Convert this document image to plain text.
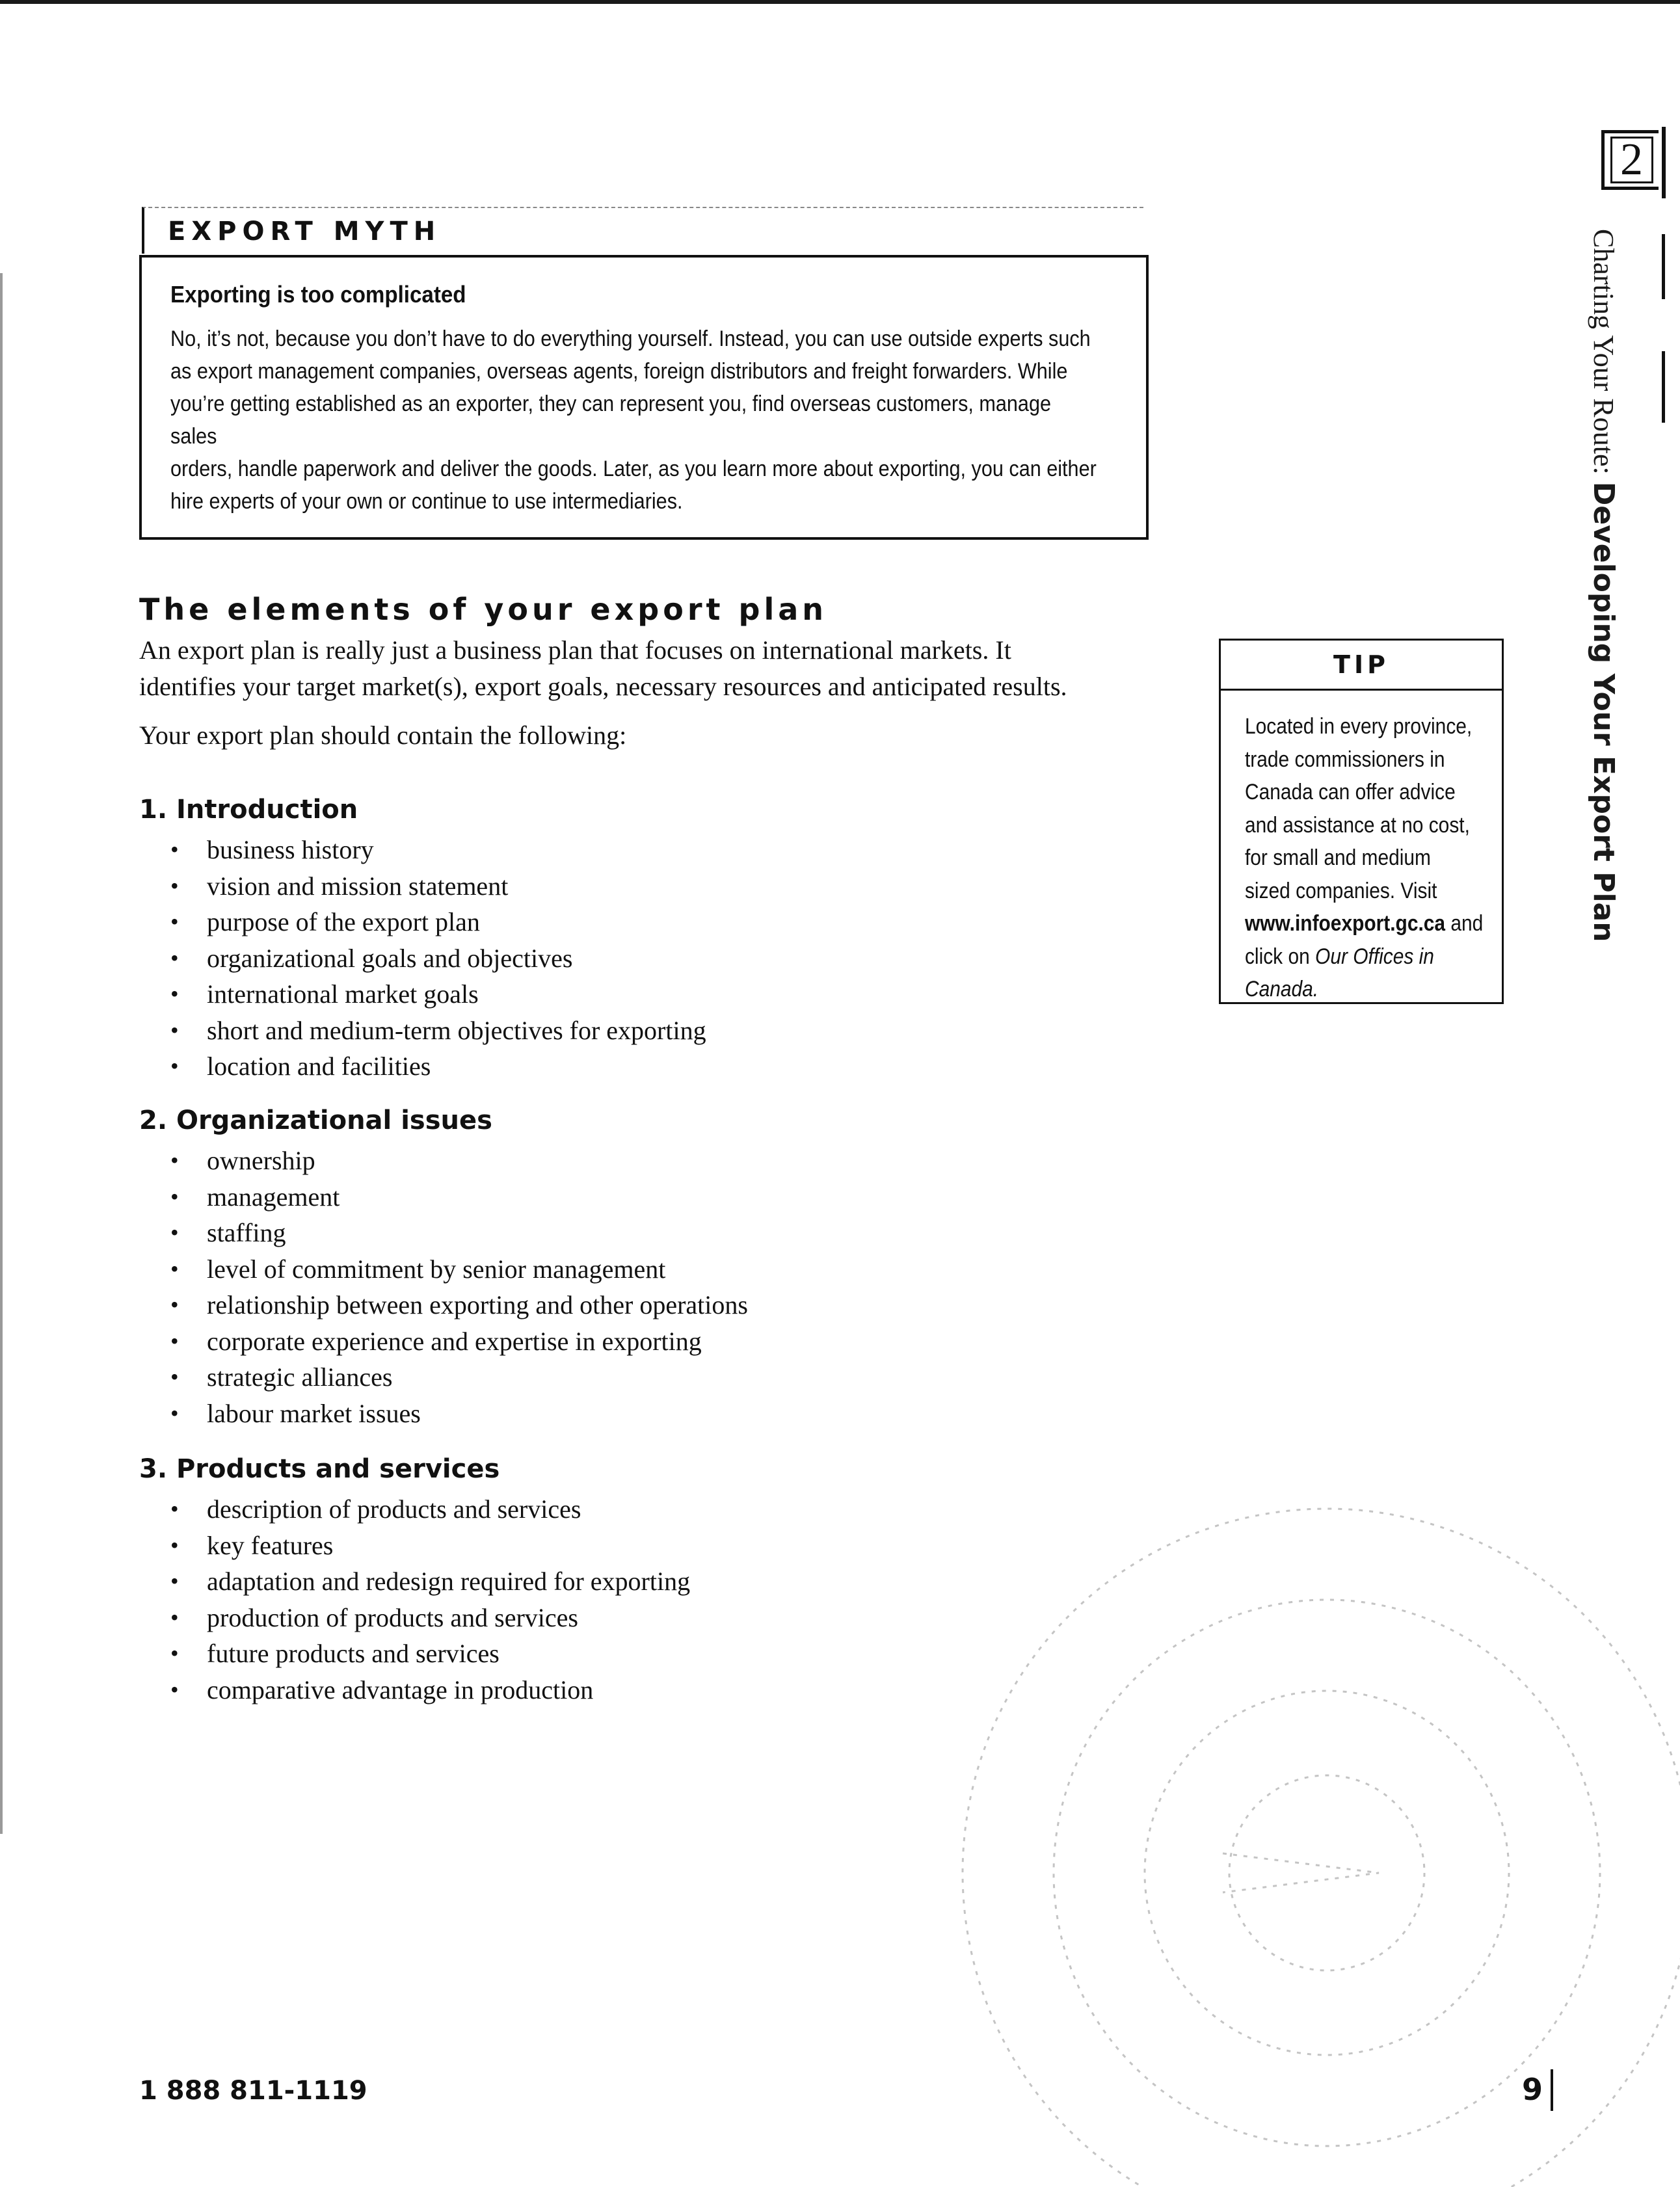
2
Charting Your Route: Developing Your Export Plan
EXPORT MYTH

Exporting is too complicated

No, it’s not, because you don’t have to do everything yourself. Instead, you can use outside experts such
as export management companies, overseas agents, foreign distributors and freight forwarders. While
you’re getting established as an exporter, they can represent you, find overseas customers, manage sales
orders, handle paperwork and deliver the goods. Later, as you learn more about exporting, you can either
hire experts of your own or continue to use intermediaries.

The elements of your export plan

An export plan is really just a business plan that focuses on international markets. It
identifies your target market(s), export goals, necessary resources and anticipated results.

Your export plan should contain the following:

1. Introduction
• business history
• vision and mission statement
• purpose of the export plan
• organizational goals and objectives
• international market goals
• short and medium-term objectives for exporting
• location and facilities
2. Organizational issues
• ownership
• management
• staffing
• level of commitment by senior management
• relationship between exporting and other operations
• corporate experience and expertise in exporting
• strategic alliances
• labour market issues
3. Products and services
• description of products and services
• key features
• adaptation and redesign required for exporting
• production of products and services
• future products and services
• comparative advantage in production
TIP
Located in every province,
trade commissioners in
Canada can offer advice
and assistance at no cost,
for small and medium
sized companies. Visit
www.infoexport.gc.ca and
click on Our Offices in Canada.

1 888 811-1119	9
